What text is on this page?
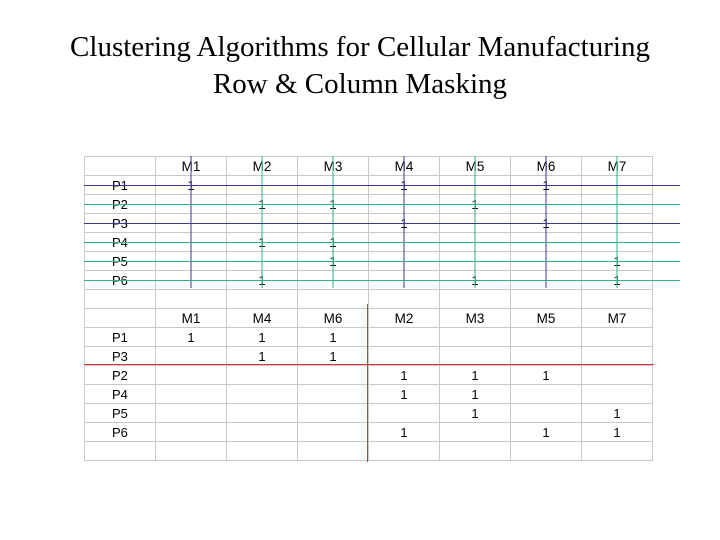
Clustering Algorithms for Cellular Manufacturing
Row & Column Masking
	M1	M2	M3	M4	M5	M6	M7
P1	1			1		1	
P2		1	1		1		
P3				1		1	
P4		1	1				
P5			1				1
P6		1			1		1

	M1	M4	M6	M2	M3	M5	M7
P1	1	1	1				
P3		1	1				
P2				1	1	1	
P4				1	1		
P5					1		1
P6				1		1	1
